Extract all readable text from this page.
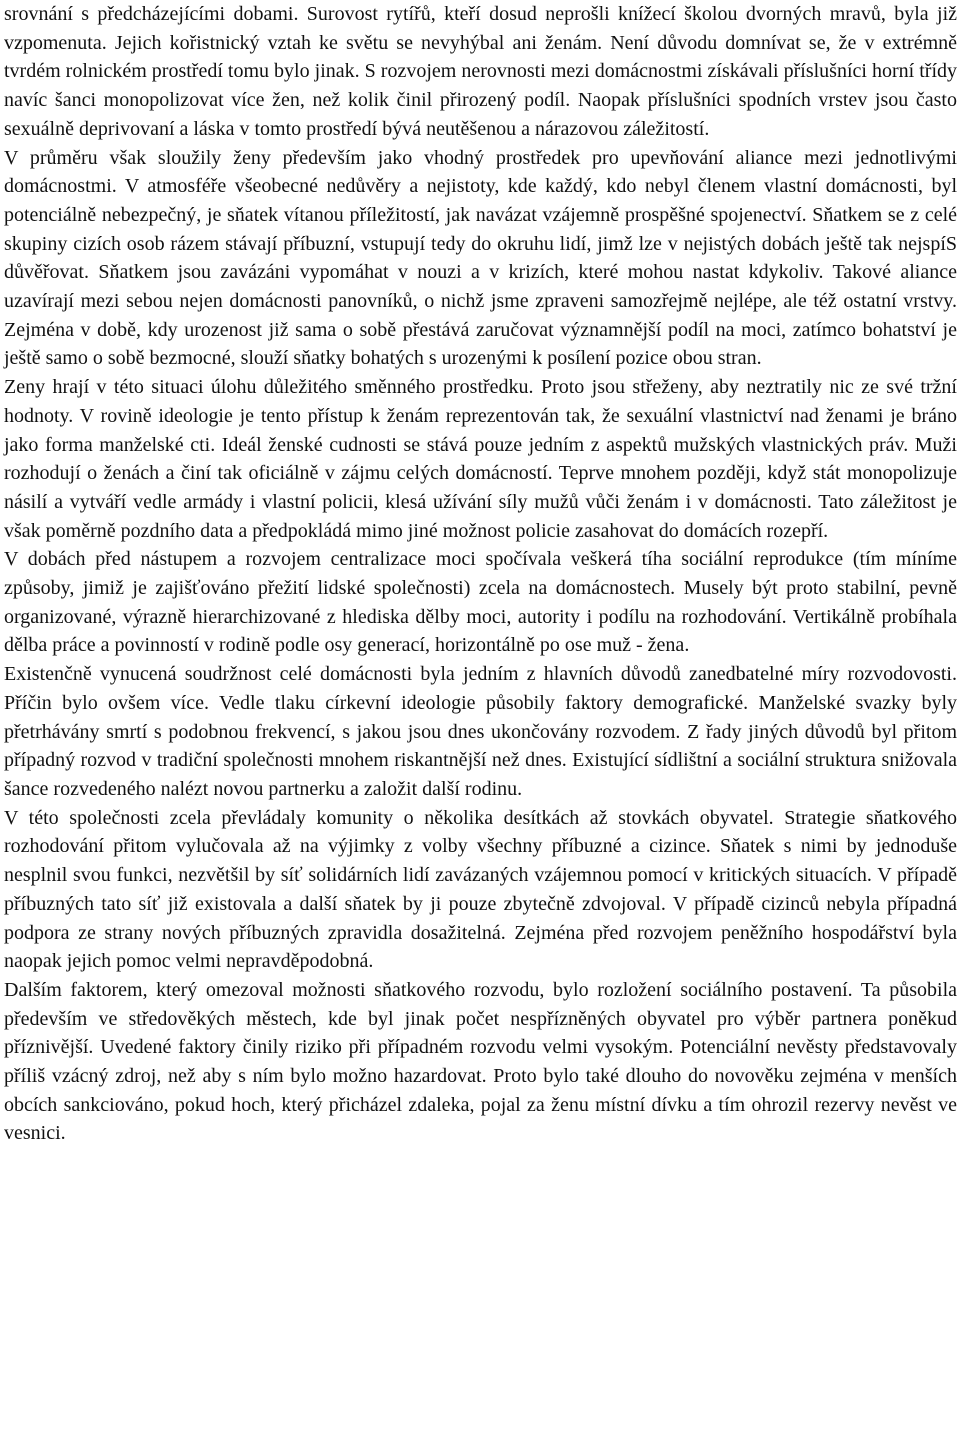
srovnání s předcházejícími dobami. Surovost rytířů, kteří dosud neprošli knížecí školou dvorných mravů, byla již vzpomenuta. Jejich kořistnický vztah ke světu se nevyhýbal ani ženám. Není důvodu domnívat se, že v extrémně tvrdém rolnickém prostředí tomu bylo jinak. S rozvojem nerovnosti mezi domácnostmi získávali příslušníci horní třídy navíc šanci monopolizovat více žen, než kolik činil přirozený podíl. Naopak příslušníci spodních vrstev jsou často sexuálně deprivovaní a láska v tomto prostředí bývá neutěšenou a nárazovou záležitostí.

V průměru však sloužily ženy především jako vhodný prostředek pro upevňování aliance mezi jednotlivými domácnostmi. V atmosféře všeobecné nedůvěry a nejistoty, kde každý, kdo nebyl členem vlastní domácnosti, byl potenciálně nebezpečný, je sňatek vítanou příležitostí, jak navázat vzájemně prospěšné spojenectví. Sňatkem se z celé skupiny cizích osob rázem stávají příbuzní, vstupují tedy do okruhu lidí, jimž lze v nejistých dobách ještě tak nejspíS důvěřovat. Sňatkem jsou zavázáni vypomáhat v nouzi a v krizích, které mohou nastat kdykoliv. Takové aliance uzavírají mezi sebou nejen domácnosti panovníků, o nichž jsme zpraveni samozřejmě nejlépe, ale též ostatní vrstvy. Zejména v době, kdy urozenost již sama o sobě přestává zaručovat významnější podíl na moci, zatímco bohatství je ještě samo o sobě bezmocné, slouží sňatky bohatých s urozenými k posílení pozice obou stran.

Zeny hrají v této situaci úlohu důležitého směnného prostředku. Proto jsou střeženy, aby neztratily nic ze své tržní hodnoty. V rovině ideologie je tento přístup k ženám reprezentován tak, že sexuální vlastnictví nad ženami je bráno jako forma manželské cti. Ideál ženské cudnosti se stává pouze jedním z aspektů mužských vlastnických práv. Muži rozhodují o ženách a činí tak oficiálně v zájmu celých domácností. Teprve mnohem později, když stát monopolizuje násilí a vytváří vedle armády i vlastní policii, klesá užívání síly mužů vůči ženám i v domácnosti. Tato záležitost je však poměrně pozdního data a předpokládá mimo jiné možnost policie zasahovat do domácích rozepří.

V dobách před nástupem a rozvojem centralizace moci spočívala veškerá tíha sociální reprodukce (tím míníme způsoby, jimiž je zajišťováno přežití lidské společnosti) zcela na domácnostech. Musely být proto stabilní, pevně organizované, výrazně hierarchizované z hlediska dělby moci, autority i podílu na rozhodování. Vertikálně probíhala dělba práce a povinností v rodině podle osy generací, horizontálně po ose muž - žena.

Existenčně vynucená soudržnost celé domácnosti byla jedním z hlavních důvodů zanedbatelné míry rozvodovosti. Příčin bylo ovšem více. Vedle tlaku církevní ideologie působily faktory demografické. Manželské svazky byly přetrhávány smrtí s podobnou frekvencí, s jakou jsou dnes ukončovány rozvodem. Z řady jiných důvodů byl přitom případný rozvod v tradiční společnosti mnohem riskantnější než dnes. Existující sídlištní a sociální struktura snižovala šance rozvedeného nalézt novou partnerku a založit další rodinu.

V této společnosti zcela převládaly komunity o několika desítkách až stovkách obyvatel. Strategie sňatkového rozhodování přitom vylučovala až na výjimky z volby všechny příbuzné a cizince. Sňatek s nimi by jednoduše nesplnil svou funkci, nezvětšil by síť solidárních lidí zavázaných vzájemnou pomocí v kritických situacích. V případě příbuzných tato síť již existovala a další sňatek by ji pouze zbytečně zdvojoval. V případě cizinců nebyla případná podpora ze strany nových příbuzných zpravidla dosažitelná. Zejména před rozvojem peněžního hospodářství byla naopak jejich pomoc velmi nepravděpodobná.

Dalším faktorem, který omezoval možnosti sňatkového rozvodu, bylo rozložení sociálního postavení. Ta působila především ve středověkých městech, kde byl jinak počet nespřízněných obyvatel pro výběr partnera poněkud příznivější. Uvedené faktory činily riziko při případném rozvodu velmi vysokým. Potenciální nevěsty představovaly příliš vzácný zdroj, než aby s ním bylo možno hazardovat. Proto bylo také dlouho do novověku zejména v menších obcích sankciováno, pokud hoch, který přicházel zdaleka, pojal za ženu místní dívku a tím ohrozil rezervy nevěst ve vesnici.
